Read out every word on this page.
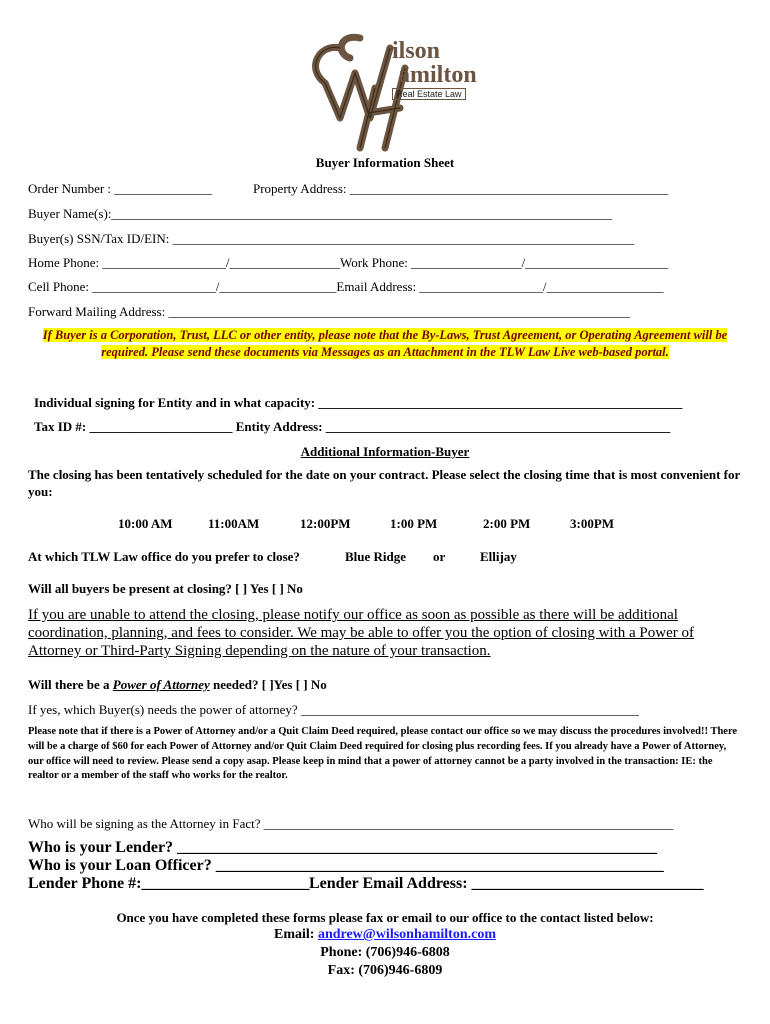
ilson
amilton
Real Estate Law
Buyer Information Sheet
Order Number : _______________	Property Address: _________________________________________________
Buyer Name(s):_____________________________________________________________________________
Buyer(s) SSN/Tax ID/EIN: _______________________________________________________________________
Home Phone: ___________________/_________________Work Phone: _________________/______________________
Cell Phone: ___________________/__________________Email Address: ___________________/__________________
Forward Mailing Address: _______________________________________________________________________
If Buyer is a Corporation, Trust, LLC or other entity, please note that the By-Laws, Trust Agreement, or Operating Agreement will be required. Please send these documents via Messages as an Attachment in the TLW Law Live web-based portal.
Individual signing for Entity and in what capacity: ________________________________________________________
Tax ID #: ______________________ Entity Address: _____________________________________________________
Additional Information-Buyer
The closing has been tentatively scheduled for the date on your contract. Please select the closing time that is most convenient for you:
10:00 AM	11:00AM	12:00PM	1:00 PM	2:00 PM	3:00PM
At which TLW Law office do you prefer to close?	Blue Ridge or	Ellijay
Will all buyers be present at closing? [ ] Yes [ ] No
If you are unable to attend the closing, please notify our office as soon as possible as there will be additional coordination, planning, and fees to consider. We may be able to offer you the option of closing with a Power of Attorney or Third-Party Signing depending on the nature of your transaction.
Will there be a Power of Attorney needed? [ ]Yes [ ] No
If yes, which Buyer(s) needs the power of attorney? ____________________________________________________
Please note that if there is a Power of Attorney and/or a Quit Claim Deed required, please contact our office so we may discuss the procedures involved!! There will be a charge of $60 for each Power of Attorney and/or Quit Claim Deed required for closing plus recording fees. If you already have a Power of Attorney, our office will need to review. Please send a copy asap. Please keep in mind that a power of attorney cannot be a party involved in the transaction: IE: the realtor or a member of the staff who works for the realtor.
Who will be signing as the Attorney in Fact? _______________________________________________________________
Who is your Lender? ____________________________________________________________
Who is your Loan Officer? ________________________________________________________
Lender Phone #:_____________________ Lender Email Address: _____________________________
Once you have completed these forms please fax or email to our office to the contact listed below:
Email: andrew@wilsonhamilton.com
Phone: (706)946-6808
Fax: (706)946-6809
